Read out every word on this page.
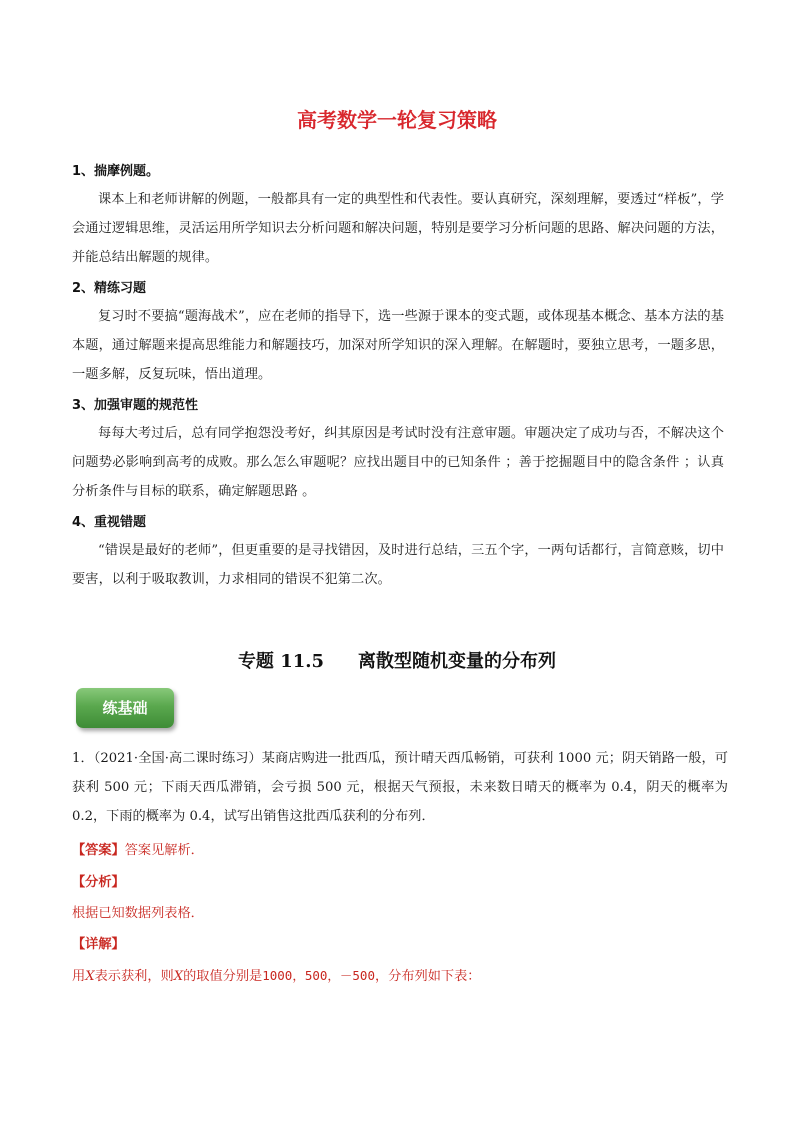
高考数学一轮复习策略
1、揣摩例题。
课本上和老师讲解的例题，一般都具有一定的典型性和代表性。要认真研究，深刻理解，要透过“样板”，学会通过逻辑思维，灵活运用所学知识去分析问题和解决问题，特别是要学习分析问题的思路、解决问题的方法，并能总结出解题的规律。
2、精练习题
复习时不要搞“题海战术”，应在老师的指导下，选一些源于课本的变式题，或体现基本概念、基本方法的基本题，通过解题来提高思维能力和解题技巧，加深对所学知识的深入理解。在解题时，要独立思考，一题多思，一题多解，反复玩味，悟出道理。
3、加强审题的规范性
每每大考过后，总有同学抱怨没考好，纠其原因是考试时没有注意审题。审题决定了成功与否，不解决这个问题势必影响到高考的成败。那么怎么审题呢？应找出题目中的已知条件 ；善于挖掘题目中的隐含条件 ；认真分析条件与目标的联系，确定解题思路 。
4、重视错题
“错误是最好的老师”，但更重要的是寻找错因，及时进行总结，三五个字，一两句话都行，言简意赅，切中要害，以利于吸取教训，力求相同的错误不犯第二次。
专题 11.5 离散型随机变量的分布列
练基础
1．（2021·全国·高二课时练习）某商店购进一批西瓜，预计晴天西瓜畅销，可获利 1000 元；阴天销路一般，可获利 500 元；下雨天西瓜滞销，会亏损 500 元，根据天气预报，未来数日晴天的概率为 0.4，阴天的概率为 0.2，下雨的概率为 0.4，试写出销售这批西瓜获利的分布列．
【答案】答案见解析．
【分析】
根据已知数据列表格．
【详解】
用X表示获利，则X的取值分别是1000，500，－500，分布列如下表：
